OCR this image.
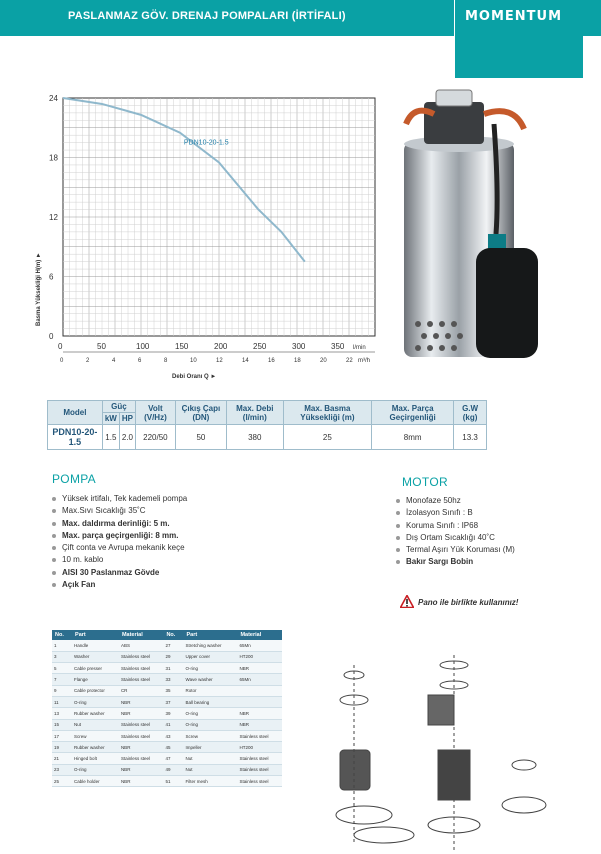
PASLANMAZ GÖV. DRENAJ POMPALARI (İRTİFALI)	MOMENTUM
0
6
12
18
24
0	50	100	150	200	250	300	350 l/min
0	2	4	6	8	10	12	14	16	18	20	22 m³/h
Debi Oranı Q ►
Basma Yüksekliği H(m) ►
PDN10-20-1.5
Model	Güç		Volt (V/Hz)	Çıkış Çapı (DN)	Max. Debi (l/min)	Max. Basma Yüksekliği (m)	Max. Parça Geçirgenliği	G.W (kg)
	kW	HP						
PDN10-20-1.5	1.5	2.0	220/50	50	380	25	8mm	13.3
POMPA
Yüksek irtifalı, Tek kademeli pompa
Max.Sıvı Sıcaklığı 35˚C
Max. daldırma derinliği: 5 m.
Max. parça geçirgenliği: 8 mm.
Çift conta ve Avrupa mekanik keçe
10 m. kablo
AISI 30 Paslanmaz Gövde
Açık Fan
MOTOR
Monofaze 50hz
İzolasyon Sınıfı : B
Koruma Sınıfı : IP68
Dış Ortam Sıcaklığı 40˚C
Termal Aşırı Yük Koruması (M)
Bakır Sargı Bobin
Pano ile birlikte kullanınız!
No.	Part	Material	No.	Part	Material
1	Handle	ABS	27	Stretching washer	65Mn
3	Washer	Stainless steel	29	Upper cover	HT200
5	Cable presser	Stainless steel	31	O-ring	NBR
7	Flange	Stainless steel	33	Wave washer	65Mn
9	Cable protector	CR	35	Rotor	
11	O-ring	NBR	37	Ball bearing	
13	Rubber washer	NBR	39	O-ring	NBR
15	Nut	Stainless steel	41	O-ring	NBR
17	Screw	Stainless steel	43	Screw	Stainless steel
19	Rubber washer	NBR	45	Impeller	HT200
21	Hinged bolt	Stainless steel	47	Nut	Stainless steel
23	O-ring	NBR	49	Nut	Stainless steel
25	Cable holder	NBR	51	Filter mesh	Stainless steel
